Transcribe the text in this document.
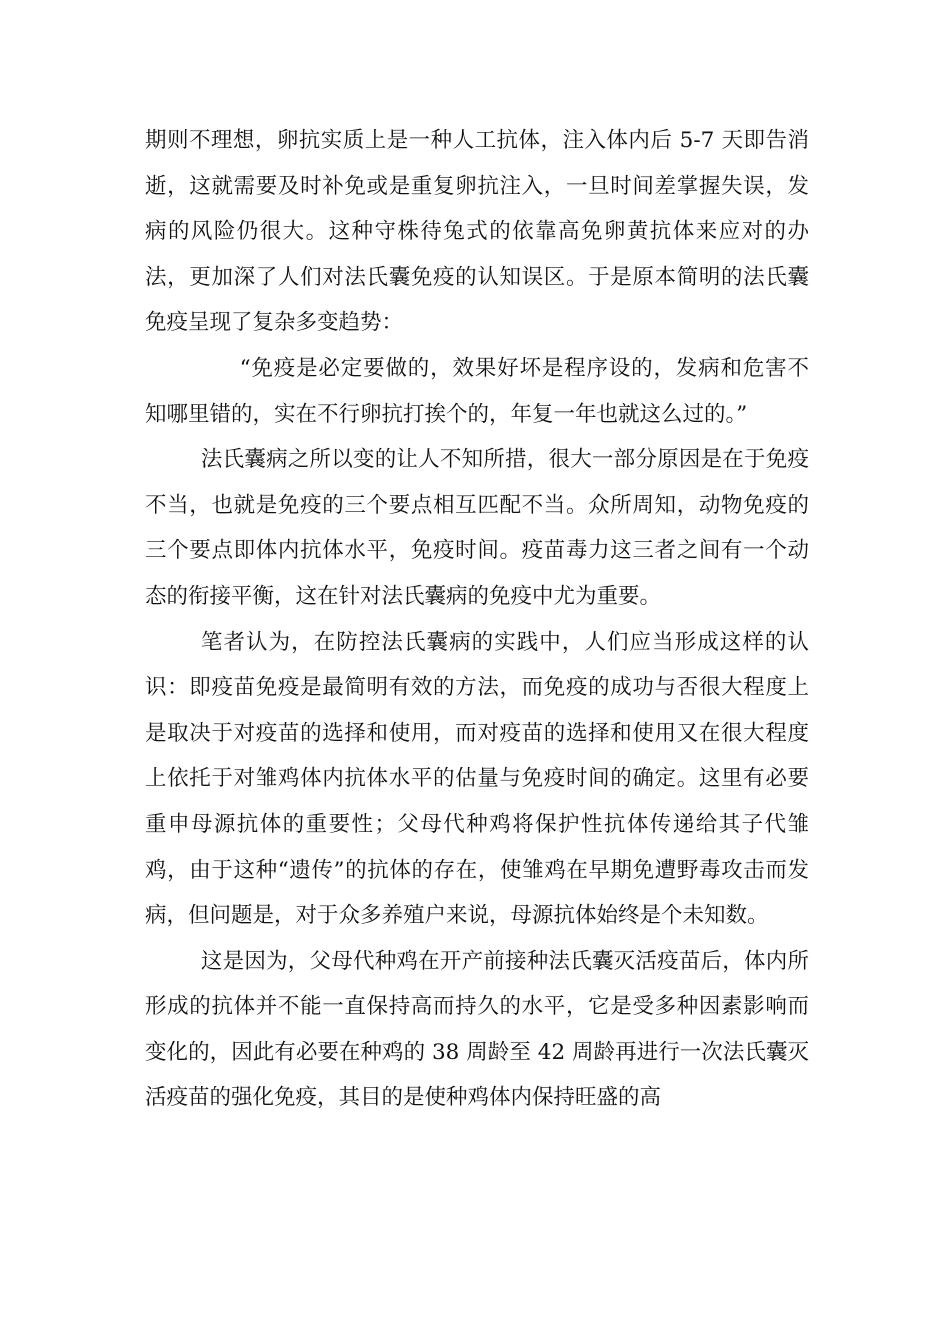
期则不理想，卵抗实质上是一种人工抗体，注入体内后 5-7 天即告消逝，这就需要及时补免或是重复卵抗注入，一旦时间差掌握失误，发病的风险仍很大。这种守株待兔式的依靠高免卵黄抗体来应对的办法，更加深了人们对法氏囊免疫的认知误区。于是原本简明的法氏囊免疫呈现了复杂多变趋势：

“免疫是必定要做的，效果好坏是程序设的，发病和危害不知哪里错的，实在不行卵抗打挨个的，年复一年也就这么过的。”

法氏囊病之所以变的让人不知所措，很大一部分原因是在于免疫不当，也就是免疫的三个要点相互匹配不当。众所周知，动物免疫的三个要点即体内抗体水平，免疫时间。疫苗毒力这三者之间有一个动态的衔接平衡，这在针对法氏囊病的免疫中尤为重要。

笔者认为，在防控法氏囊病的实践中，人们应当形成这样的认识：即疫苗免疫是最简明有效的方法，而免疫的成功与否很大程度上是取决于对疫苗的选择和使用，而对疫苗的选择和使用又在很大程度上依托于对雏鸡体内抗体水平的估量与免疫时间的确定。这里有必要重申母源抗体的重要性；父母代种鸡将保护性抗体传递给其子代雏鸡，由于这种“遗传”的抗体的存在，使雏鸡在早期免遭野毒攻击而发病，但问题是，对于众多养殖户来说，母源抗体始终是个未知数。

这是因为，父母代种鸡在开产前接种法氏囊灭活疫苗后，体内所形成的抗体并不能一直保持高而持久的水平，它是受多种因素影响而变化的，因此有必要在种鸡的 38 周龄至 42 周龄再进行一次法氏囊灭活疫苗的强化免疫，其目的是使种鸡体内保持旺盛的高
